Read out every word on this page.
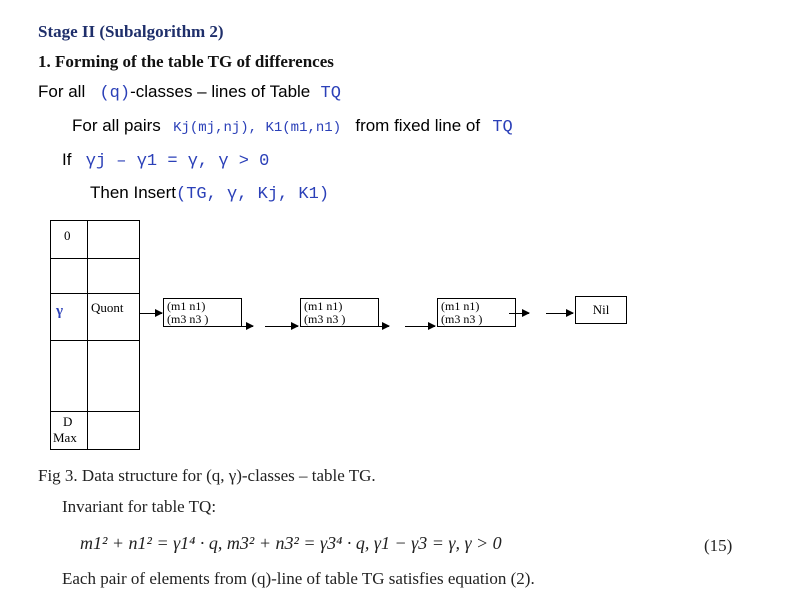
Stage II (Subalgorithm 2)
1. Forming of the table TG of differences
For all (q)-classes – lines of Table TQ
For all pairs Kj(mj,nj), K1(m1,n1) from fixed line of TQ
If γj – γ1 = γ, γ > 0
Then Insert(TG, γ, Kj, K1)
0
γ Quont
D
Max
(m1 n1)
(m3 n3 )
(m1 n1)
(m3 n3 )
(m1 n1)
(m3 n3 )
Nil
Fig 3. Data structure for (q, γ)-classes – table TG.
Invariant for table TQ:
m1² + n1² = γ1⁴ · q, m3² + n3² = γ3⁴ · q, γ1 − γ3 = γ, γ > 0	(15)
Each pair of elements from (q)-line of table TG satisfies equation (2).
